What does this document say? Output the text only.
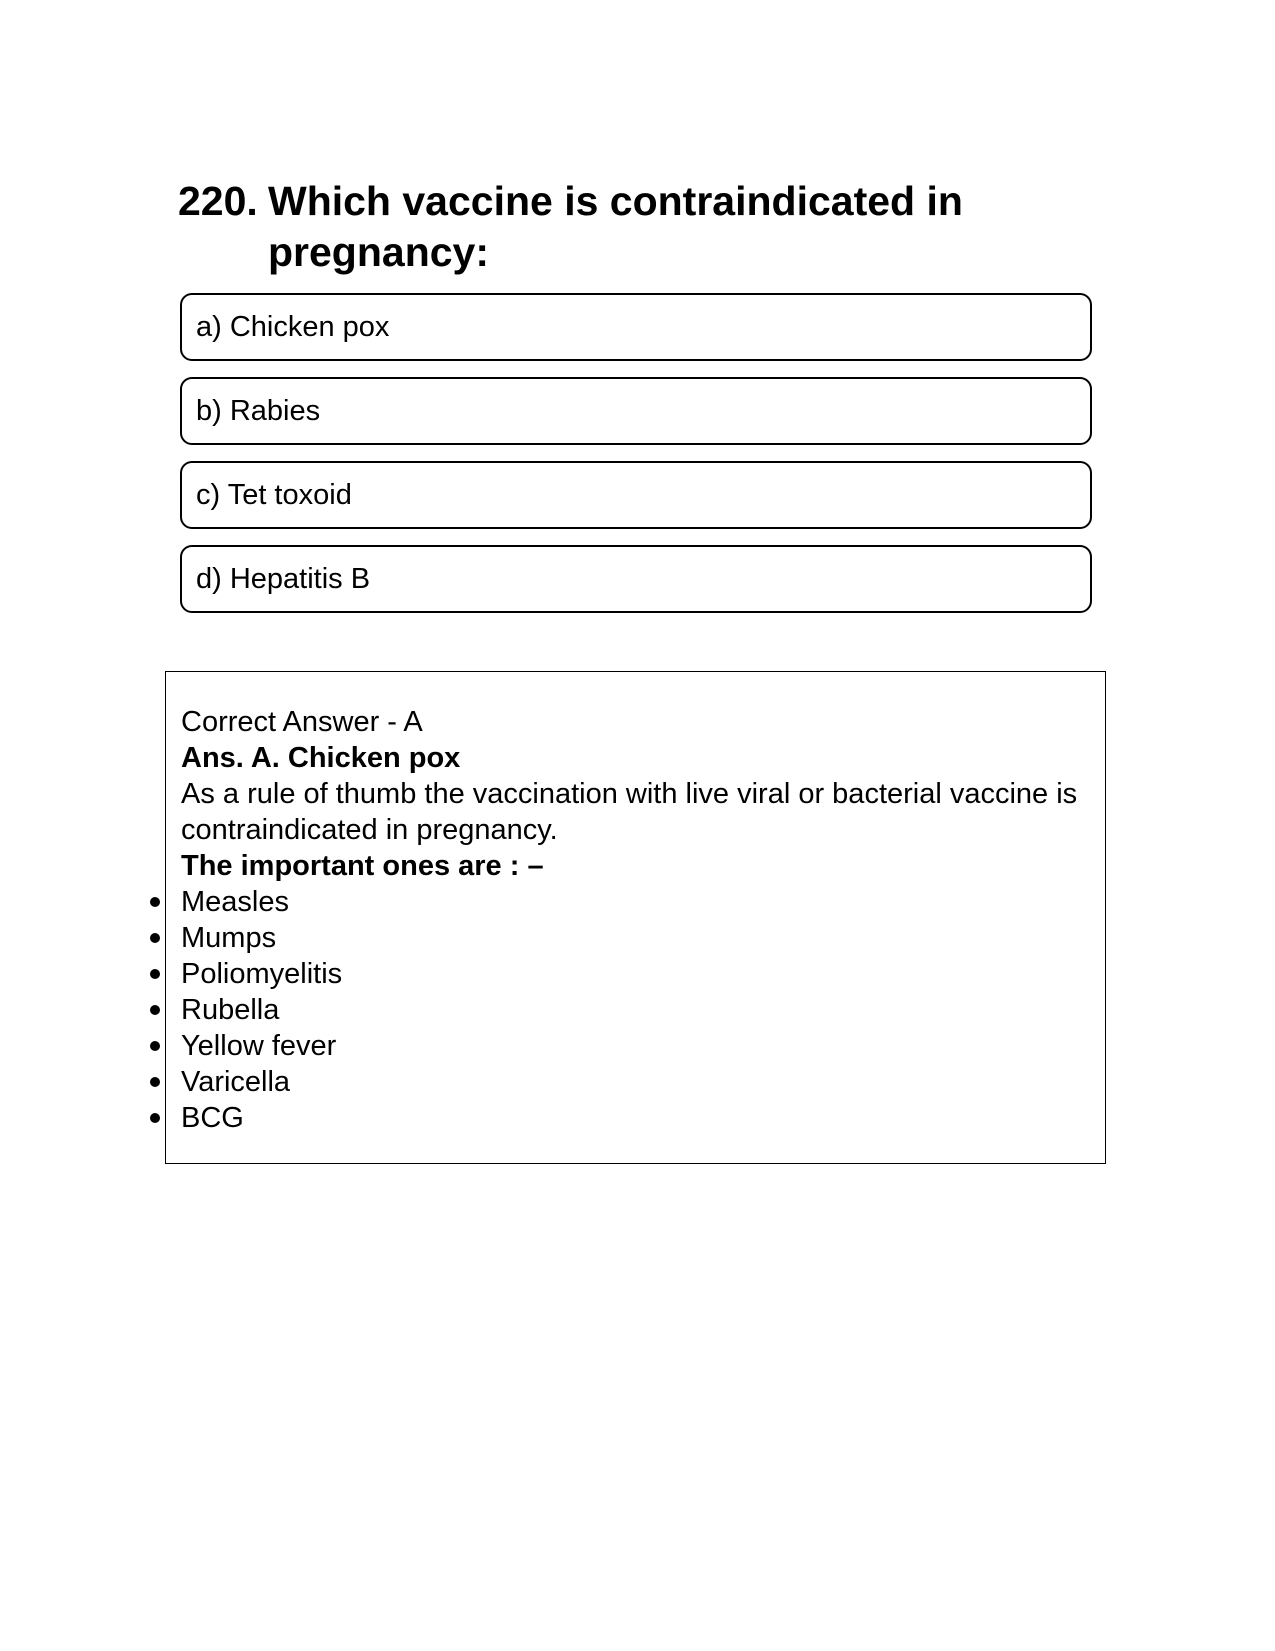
220. Which vaccine is contraindicated in pregnancy:
a) Chicken pox
b) Rabies
c) Tet toxoid
d) Hepatitis B

Correct Answer - A

Ans. A. Chicken pox

As a rule of thumb the vaccination with live viral or bacterial vaccine is contraindicated in pregnancy.

The important ones are : –

Measles
Mumps
Poliomyelitis
Rubella
Yellow fever
Varicella
BCG
